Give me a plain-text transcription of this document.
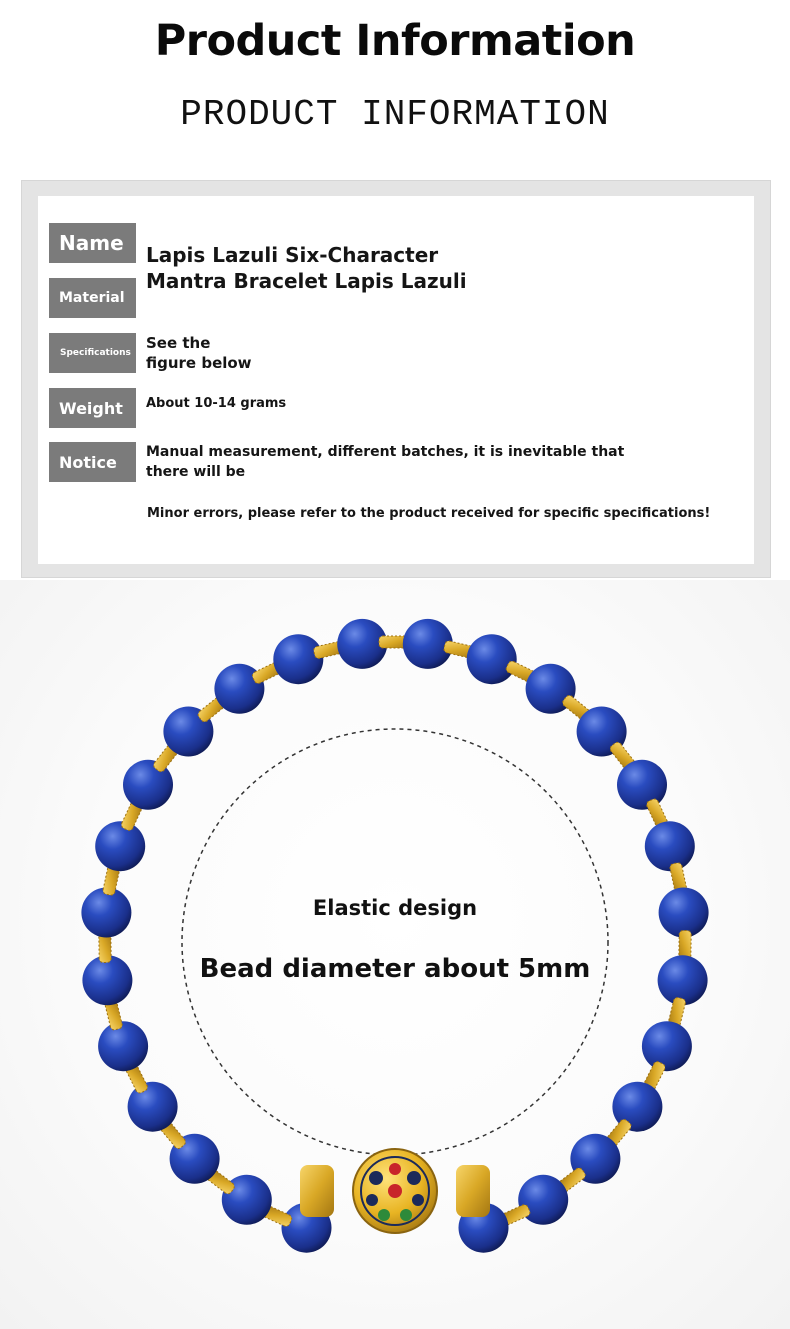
Product Information
PRODUCT INFORMATION
Name
Material
Lapis Lazuli Six-Character
Mantra Bracelet Lapis Lazuli
Specifications
See the
figure below
Weight	About 10-14 grams
Notice
Manual measurement, different batches, it is inevitable that
there will be
Minor errors, please refer to the product received for specific specifications!
Elastic design
Bead diameter about 5mm
